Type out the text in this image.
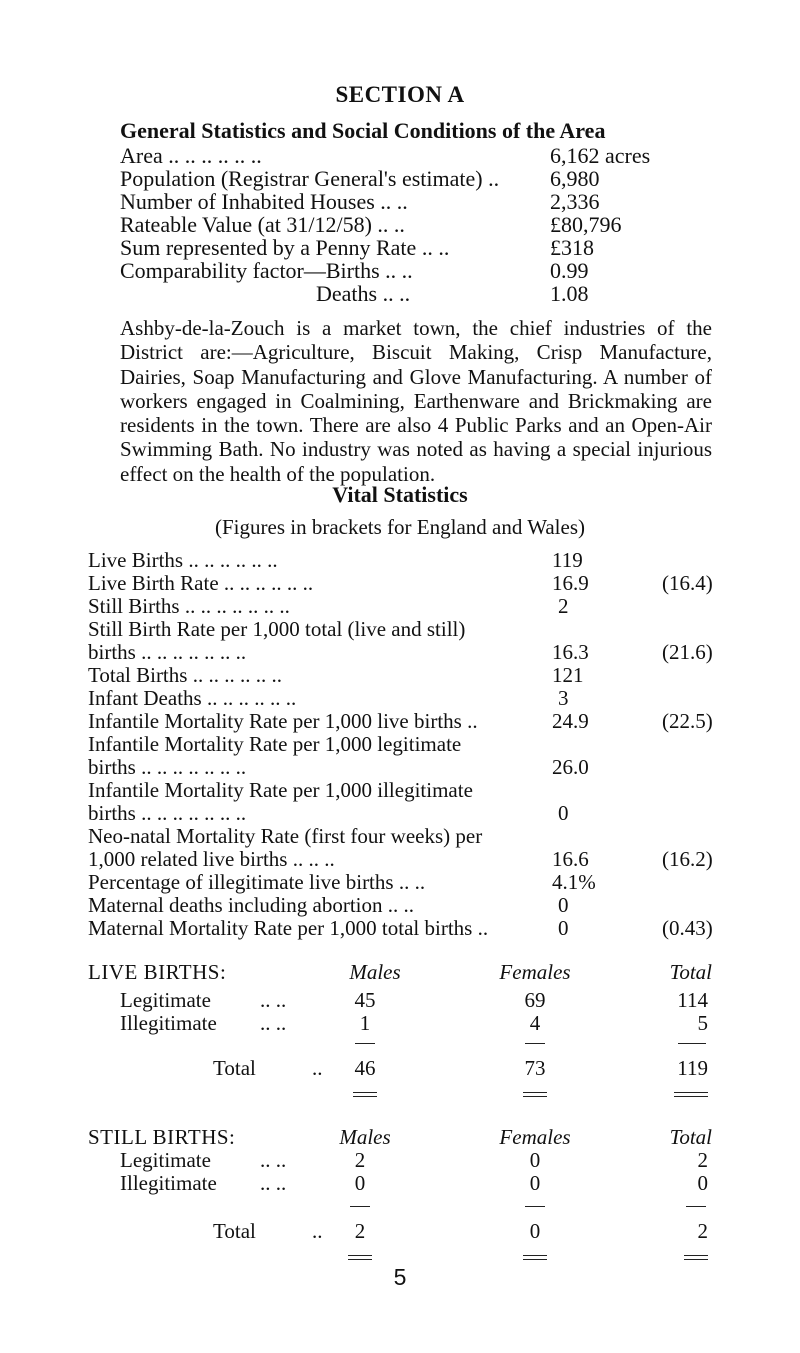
SECTION A
General Statistics and Social Conditions of the Area
Area .. .. .. .. .. ..	6,162 acres
Population (Registrar General's estimate) .. 6,980
Number of Inhabited Houses .. ..	2,336
Rateable Value (at 31/12/58) .. ..	£80,796
Sum represented by a Penny Rate .. ..	£318
Comparability factor—Births .. ..	0.99
Deaths .. ..	1.08
Ashby-de-la-Zouch is a market town, the chief industries of the District are:—Agriculture, Biscuit Making, Crisp Manufacture, Dairies, Soap Manufacturing and Glove Manufacturing. A number of workers engaged in Coalmining, Earthenware and Brickmaking are residents in the town. There are also 4 Public Parks and an Open-Air Swimming Bath. No industry was noted as having a special injurious effect on the health of the population.
Vital Statistics
(Figures in brackets for England and Wales)
Live Births .. .. .. .. .. ..	119
Live Birth Rate .. .. .. .. .. ..	16.9	(16.4)
Still Births .. .. .. .. .. .. ..	2
Still Birth Rate per 1,000 total (live and still)
births .. .. .. .. .. .. ..	16.3	(21.6)
Total Births .. .. .. .. .. ..	121
Infant Deaths .. .. .. .. .. ..	3
Infantile Mortality Rate per 1,000 live births ..	24.9	(22.5)
Infantile Mortality Rate per 1,000 legitimate
births .. .. .. .. .. .. ..	26.0
Infantile Mortality Rate per 1,000 illegitimate
births .. .. .. .. .. .. ..	0
Neo-natal Mortality Rate (first four weeks) per
1,000 related live births .. .. ..	16.6	(16.2)
Percentage of illegitimate live births .. ..	4.1%
Maternal deaths including abortion .. ..	0
Maternal Mortality Rate per 1,000 total births ..	0	(0.43)
LIVE BIRTHS:	Males	Females	Total
Legitimate .. ..	45	69	114
Illegitimate .. ..	1	4	5
Total	..	46	73	119
STILL BIRTHS:	Males	Females	Total
Legitimate .. ..	2	0	2
Illegitimate .. ..	0	0	0
Total	..	2	0	2
5
